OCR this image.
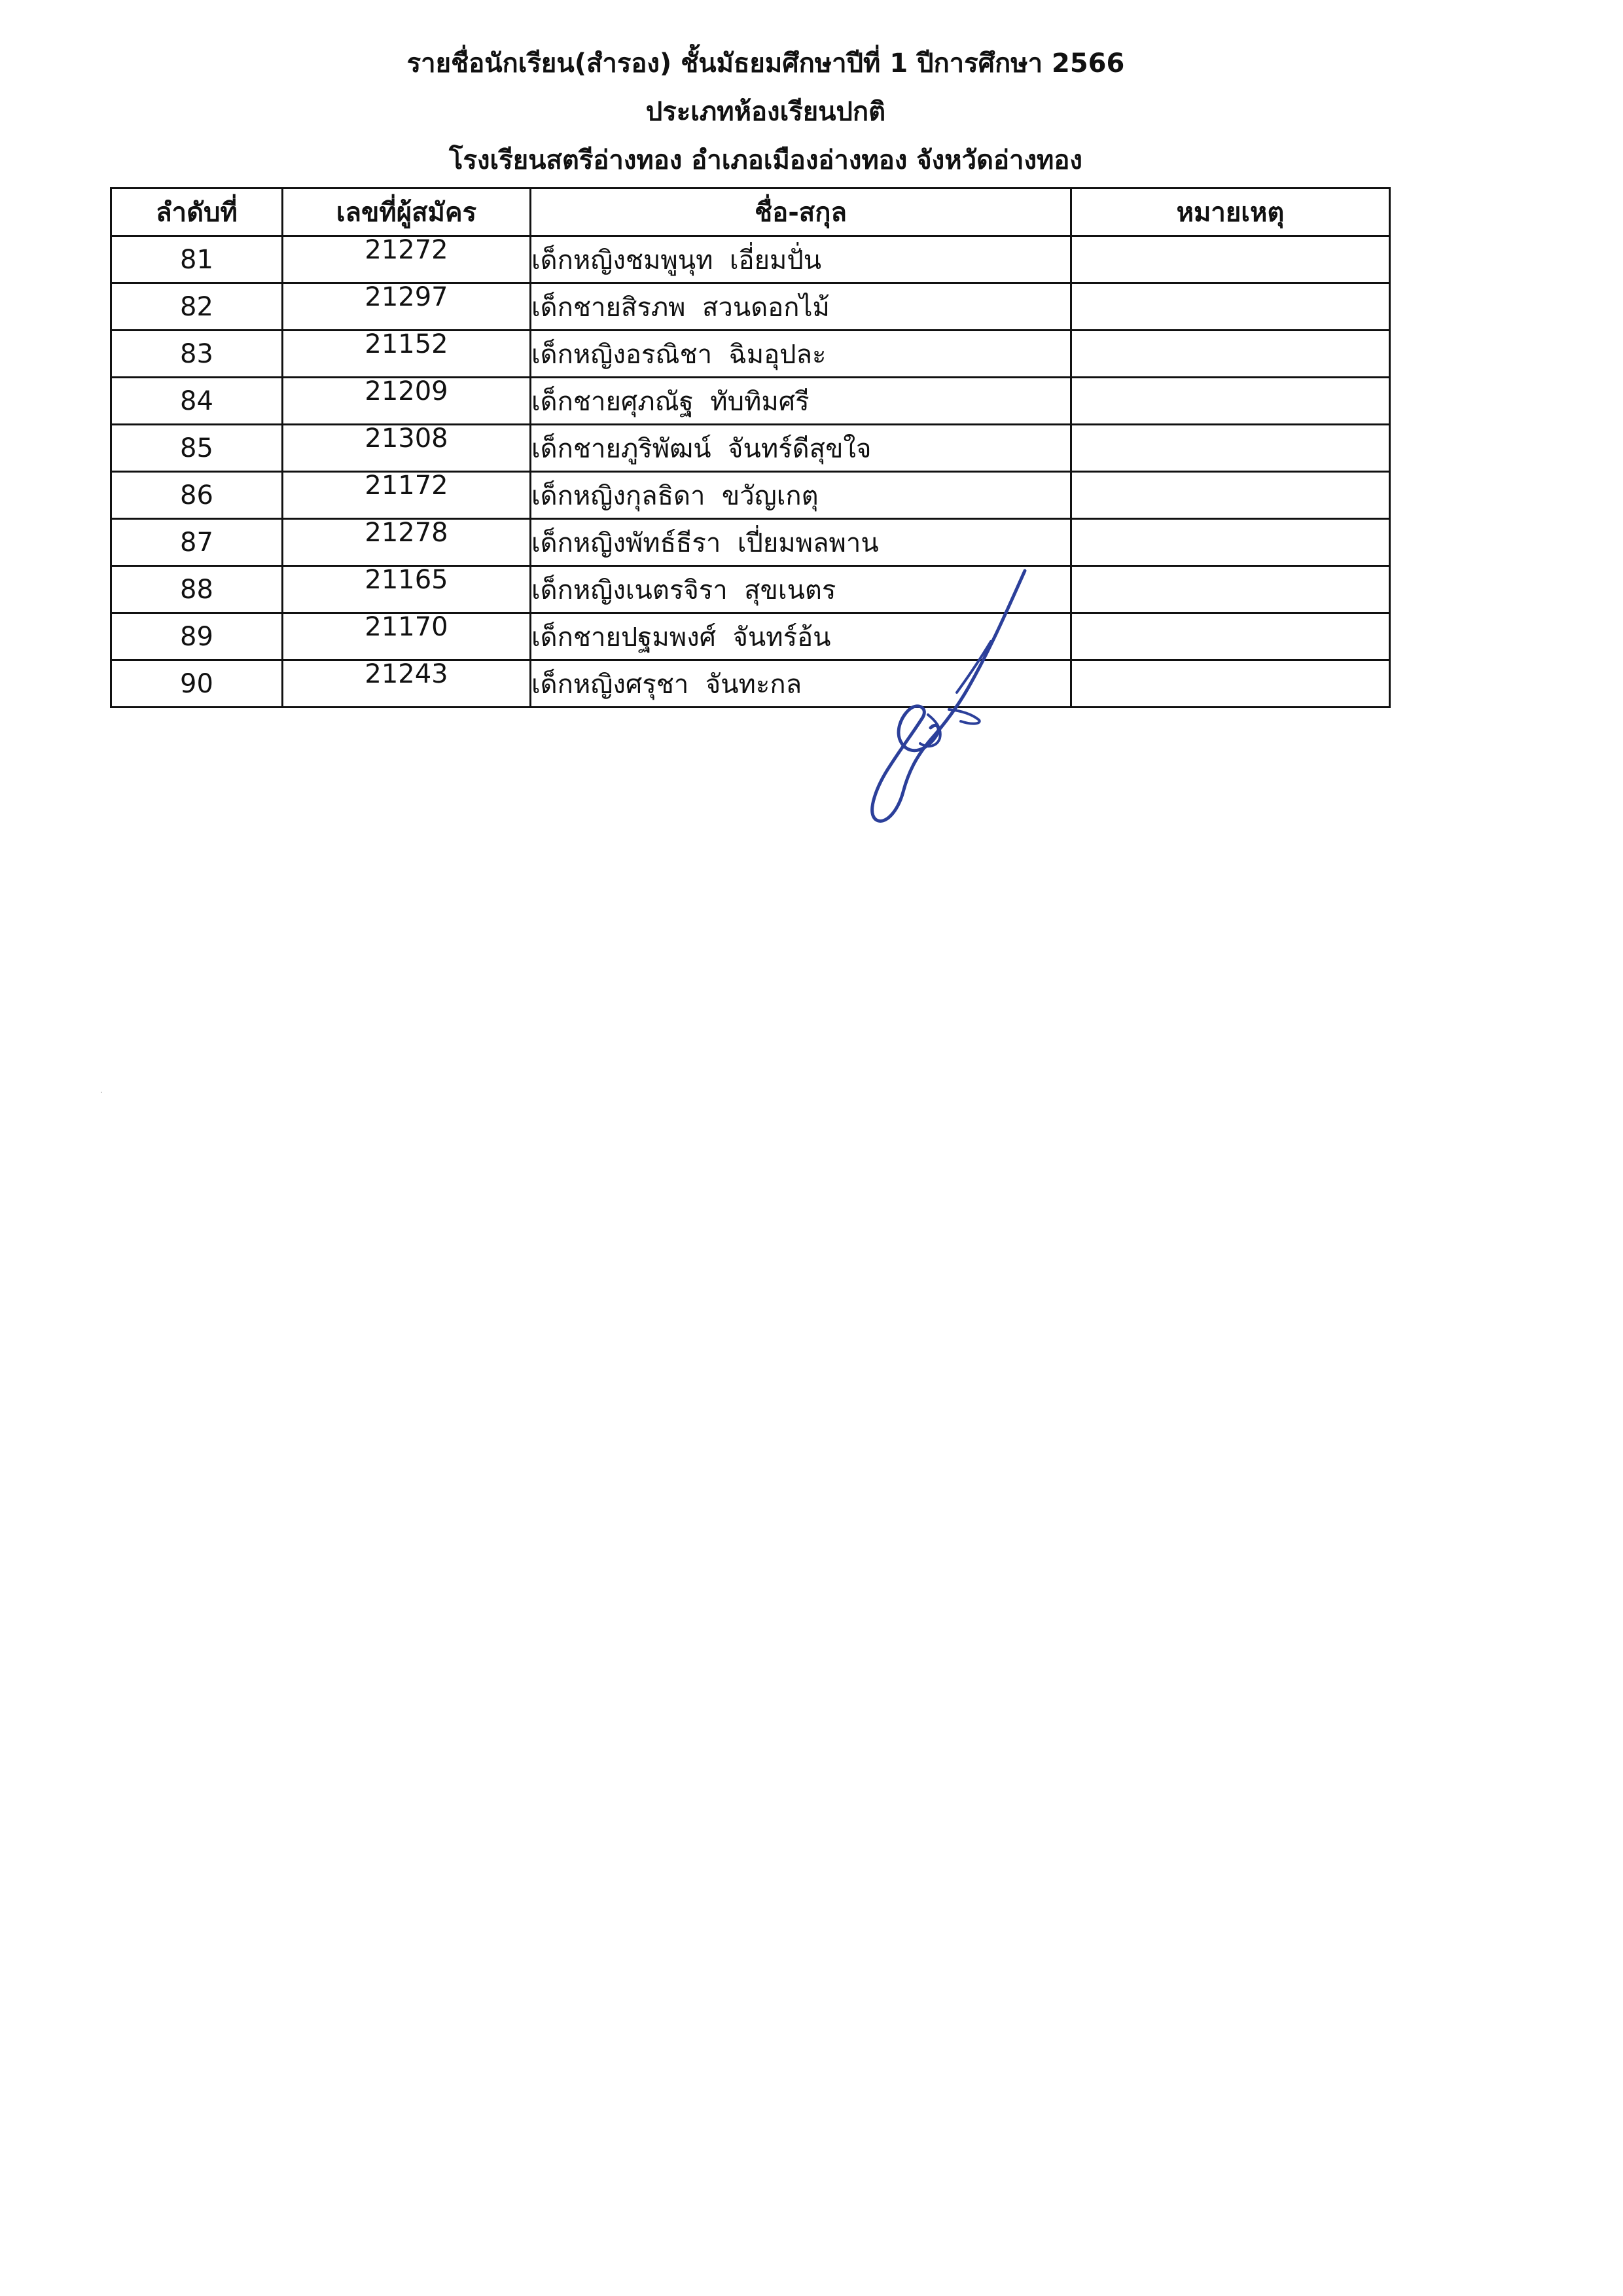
รายชื่อนักเรียน(สำรอง) ชั้นมัธยมศึกษาปีที่ 1 ปีการศึกษา 2566
ประเภทห้องเรียนปกติ
โรงเรียนสตรีอ่างทอง อำเภอเมืองอ่างทอง จังหวัดอ่างทอง
ลำดับที่	เลขที่ผู้สมัคร	ชื่อ-สกุล	หมายเหตุ
81	21272	เด็กหญิงชมพูนุท  เอี่ยมปั่น	
82	21297	เด็กชายสิรภพ  สวนดอกไม้	
83	21152	เด็กหญิงอรณิชา  ฉิมอุปละ	
84	21209	เด็กชายศุภณัฐ  ทับทิมศรี	
85	21308	เด็กชายภูริพัฒน์  จันทร์ดีสุขใจ	
86	21172	เด็กหญิงกุลธิดา  ขวัญเกตุ	
87	21278	เด็กหญิงพัทธ์ธีรา  เปี่ยมพลพาน	
88	21165	เด็กหญิงเนตรจิรา  สุขเนตร	
89	21170	เด็กชายปฐมพงศ์  จันทร์อ้น	
90	21243	เด็กหญิงศรุชา  จันทะกล	
